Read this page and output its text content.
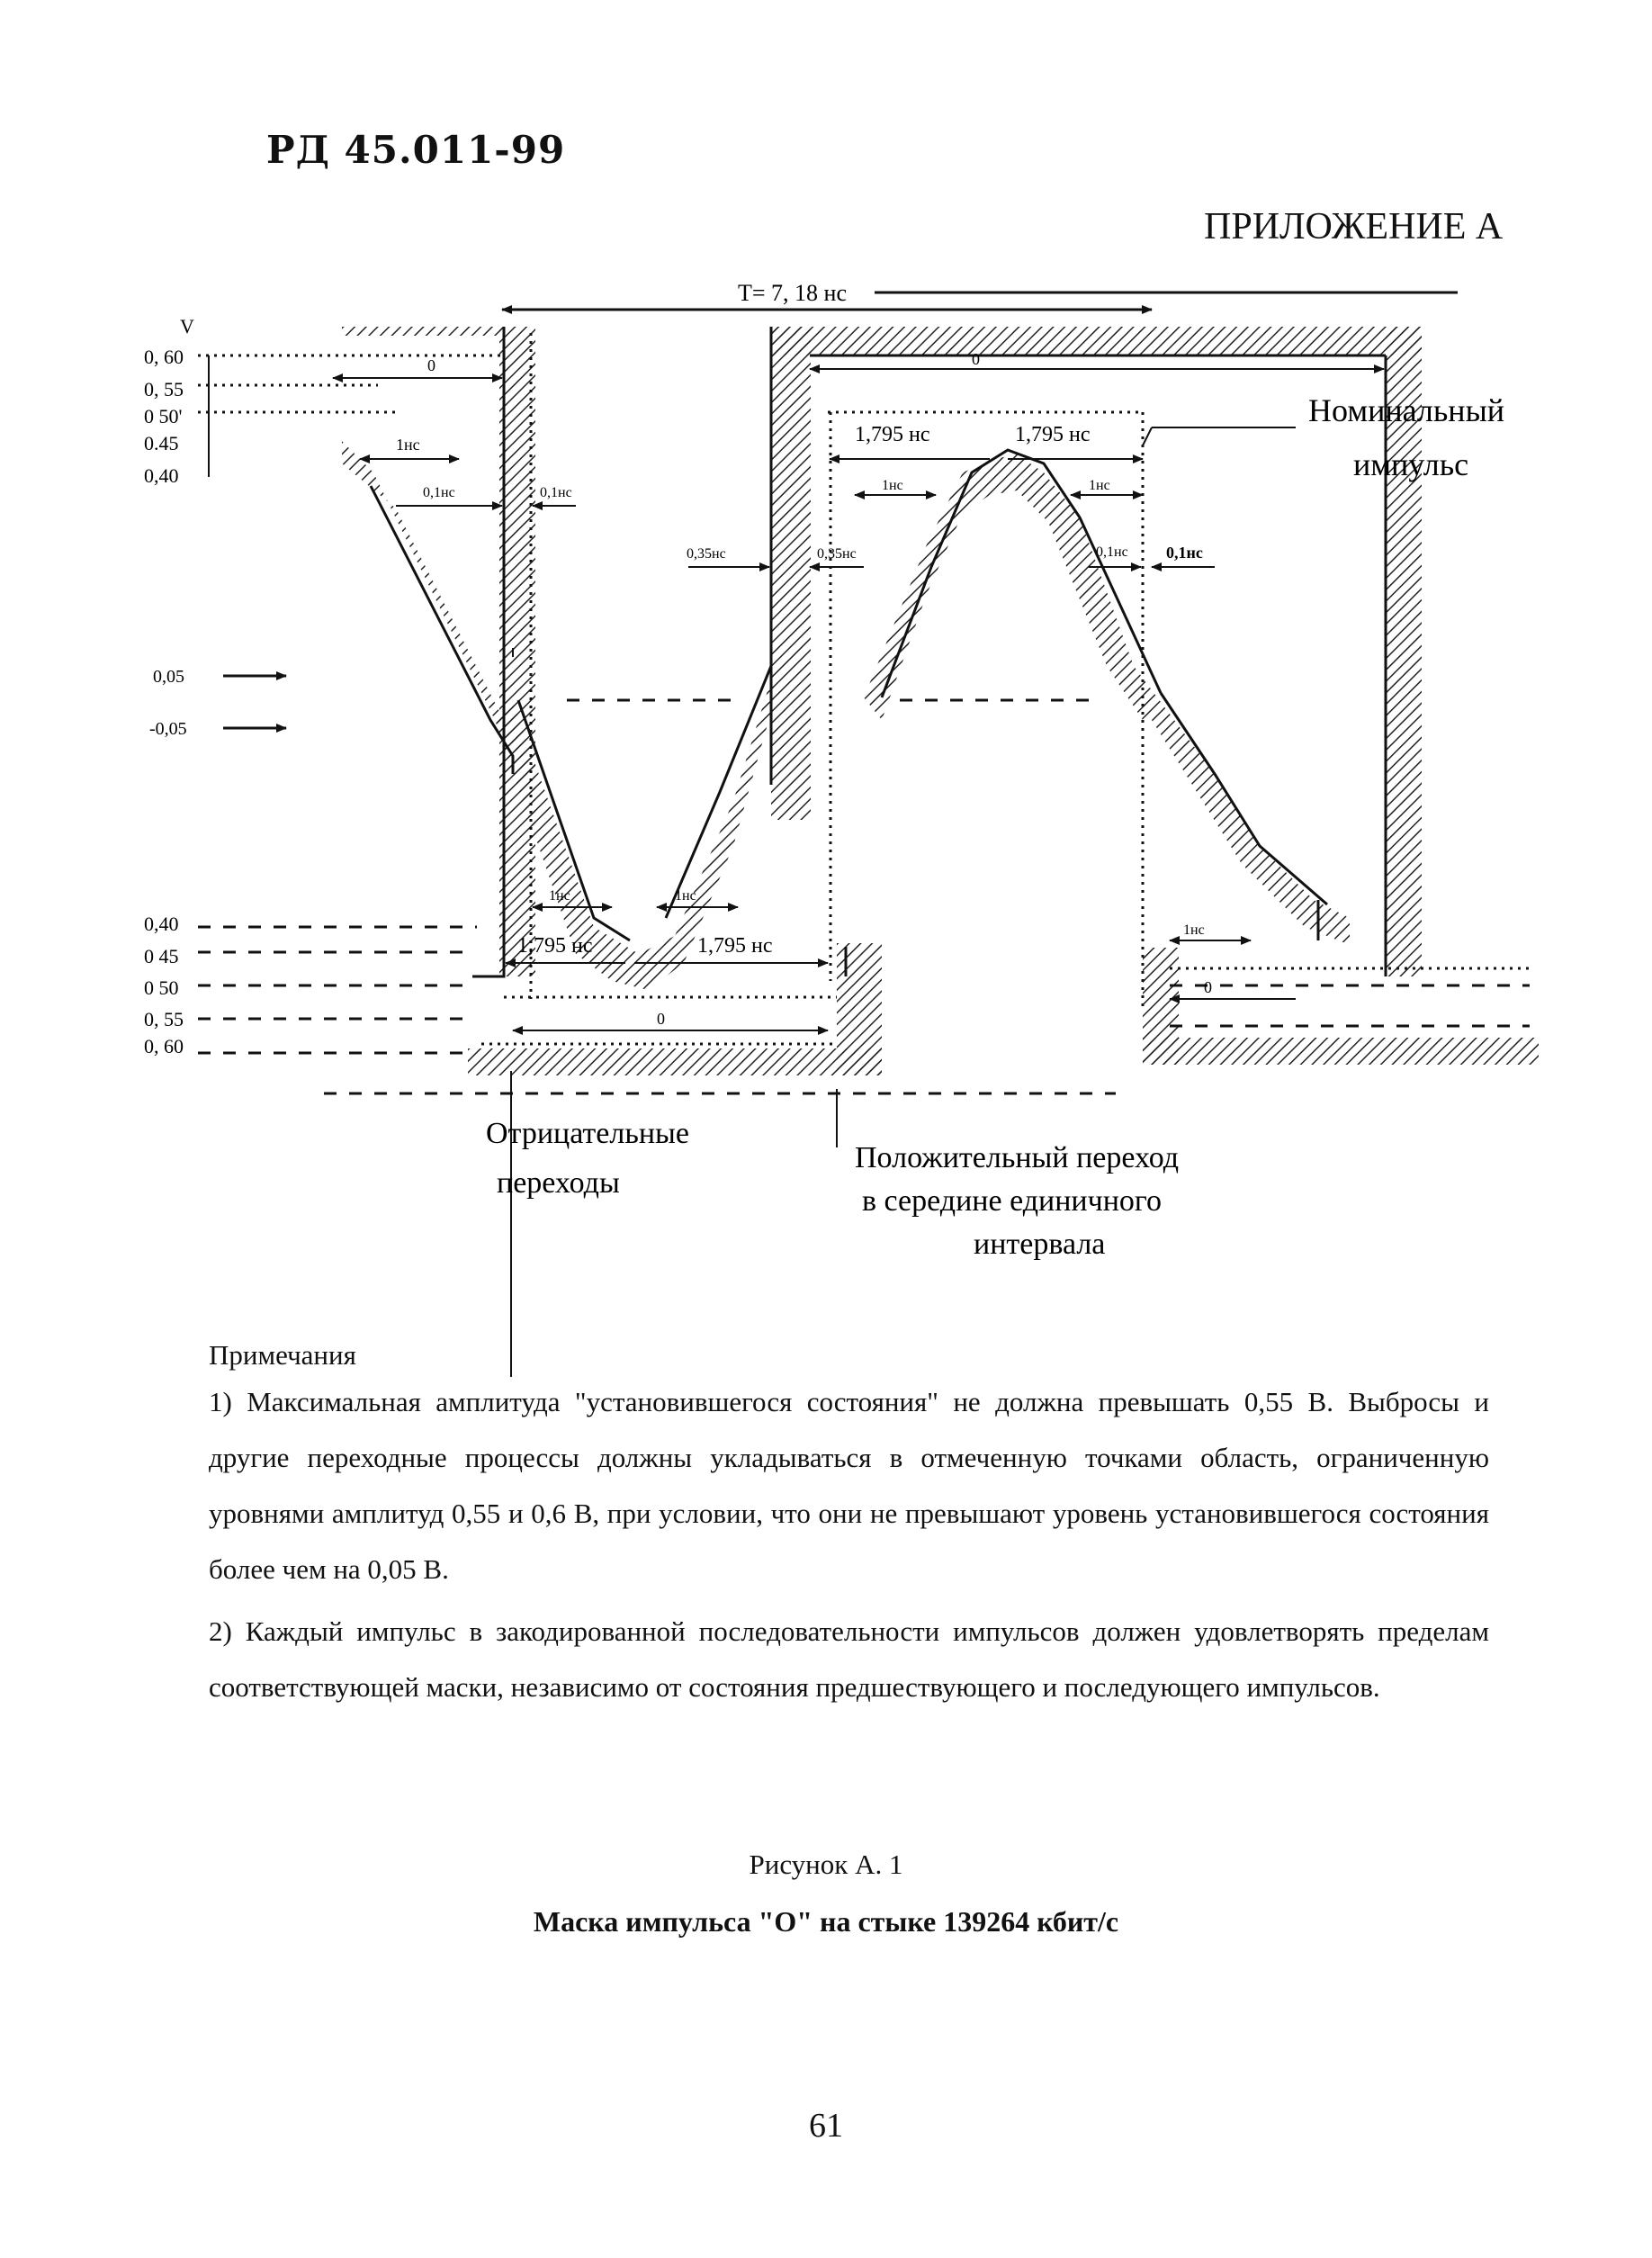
РД 45.011-99
ПРИЛОЖЕНИЕ А
T= 7, 18 нс
V
0, 60
0, 55
0 50'
0.45
0,40
0,05
-0,05
0,40
0 45
0 50
0, 55
0, 60
0
1нс
0,1нс	0,1нс
0
1,795 нс	1,795 нс
1нс	1нс
0,35нс	0,35нс	0,1нс 0,1нс
1нс	1нс
1,795 нс	1,795 нс
0
1нс
0
Номинальный
импульс
Отрицательные
переходы
Положительный переход
в середине единичного
интервала
Примечания
1) Максимальная амплитуда "установившегося состояния" не должна превышать 0,55 В. Выбросы и другие переходные процессы должны укладываться в отмеченную точками область, ограниченную уровнями амплитуд 0,55 и 0,6 В, при условии, что они не превышают уровень установившегося состояния более чем на 0,05 В.
2) Каждый импульс в закодированной последовательности импульсов должен удовлетворять пределам соответствующей маски, независимо от состояния предшествующего и последующего импульсов.
Рисунок А. 1
Маска импульса "О" на стыке 139264 кбит/с
61
